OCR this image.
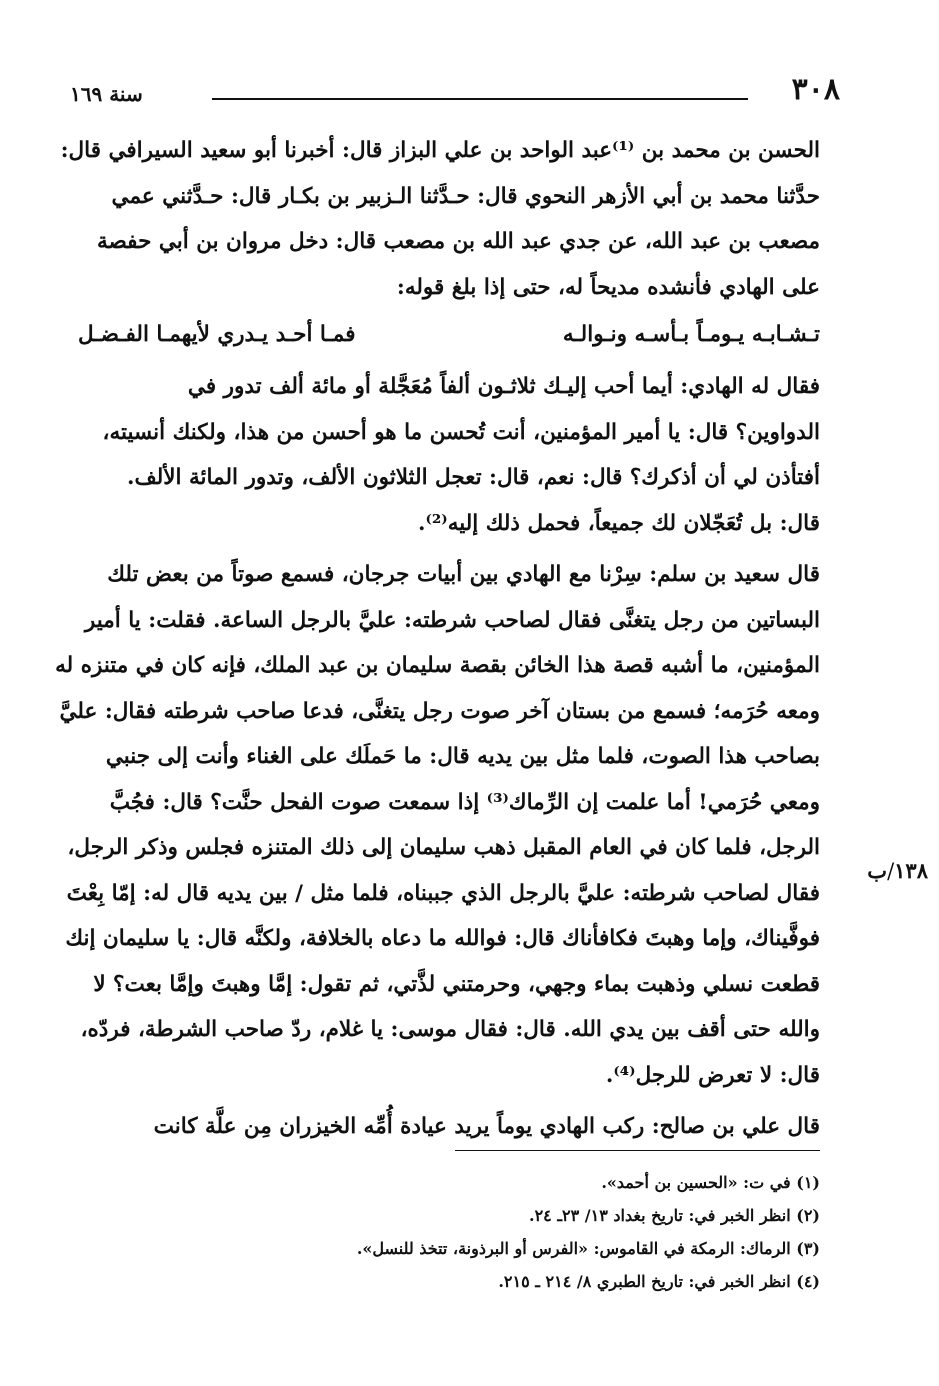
٣٠٨
سنة ١٦٩

الحسن بن محمد بن ⁽¹⁾عبد الواحد بن علي البزاز قال: أخبرنا أبو سعيد السيرافي قال:
حدَّثنا محمد بن أبي الأزهر النحوي قال: حـدَّثنا الـزبير بن بكـار قال: حـدَّثني عمي
مصعب بن عبد الله، عن جدي عبد الله بن مصعب قال: دخل مروان بن أبي حفصة
على الهادي فأنشده مديحاً له، حتى إذا بلغ قوله:

تـشـابـه يـومـاً بـأسـه ونـوالـه
فمـا أحـد يـدري لأيهمـا الفـضـل

فقال له الهادي: أيما أحب إليـك ثلاثـون ألفاً مُعَجَّلة أو مائة ألف تدور في
الدواوين؟ قال: يا أمير المؤمنين، أنت تُحسن ما هو أحسن من هذا، ولكنك أنسيته،
أفتأذن لي أن أذكرك؟ قال: نعم، قال: تعجل الثلاثون الألف، وتدور المائة الألف.
قال: بل تُعَجّلان لك جميعاً، فحمل ذلك إليه⁽²⁾.

قال سعيد بن سلم: سِرْنا مع الهادي بين أبيات جرجان، فسمع صوتاً من بعض تلك
البساتين من رجل يتغنَّى فقال لصاحب شرطته: عليَّ بالرجل الساعة. فقلت: يا أمير
المؤمنين، ما أشبه قصة هذا الخائن بقصة سليمان بن عبد الملك، فإنه كان في متنزه له
ومعه حُرَمه؛ فسمع من بستان آخر صوت رجل يتغنَّى، فدعا صاحب شرطته فقال: عليَّ
بصاحب هذا الصوت، فلما مثل بين يديه قال: ما حَملَك على الغناء وأنت إلى جنبي
ومعي حُرَمي! أما علمت إن الرِّماك⁽³⁾ إذا سمعت صوت الفحل حنَّت؟ قال: فجُبَّ
الرجل، فلما كان في العام المقبل ذهب سليمان إلى ذلك المتنزه فجلس وذكر الرجل،
فقال لصاحب شرطته: عليَّ بالرجل الذي جببناه، فلما مثل / بين يديه قال له: إمّا بِعْتَ
فوفَّيناك، وإما وهبتَ فكافأناك قال: فوالله ما دعاه بالخلافة، ولكنَّه قال: يا سليمان إنك
قطعت نسلي وذهبت بماء وجهي، وحرمتني لذَّتي، ثم تقول: إمَّا وهبتَ وإمَّا بعت؟ لا
والله حتى أقف بين يدي الله. قال: فقال موسى: يا غلام، ردّ صاحب الشرطة، فردّه،
قال: لا تعرض للرجل⁽⁴⁾.

قال علي بن صالح: ركب الهادي يوماً يريد عيادة أُمِّه الخيزران مِن علَّة كانت

١٣٨/ب

(١) في ت: «الحسين بن أحمد».

(٢) انظر الخبر في: تاريخ بغداد ١٣/ ٢٣ـ ٢٤.

(٣) الرماك: الرمكة في القاموس: «الفرس أو البرذونة، تتخذ للنسل».

(٤) انظر الخبر في: تاريخ الطبري ٨/ ٢١٤ ـ ٢١٥.
